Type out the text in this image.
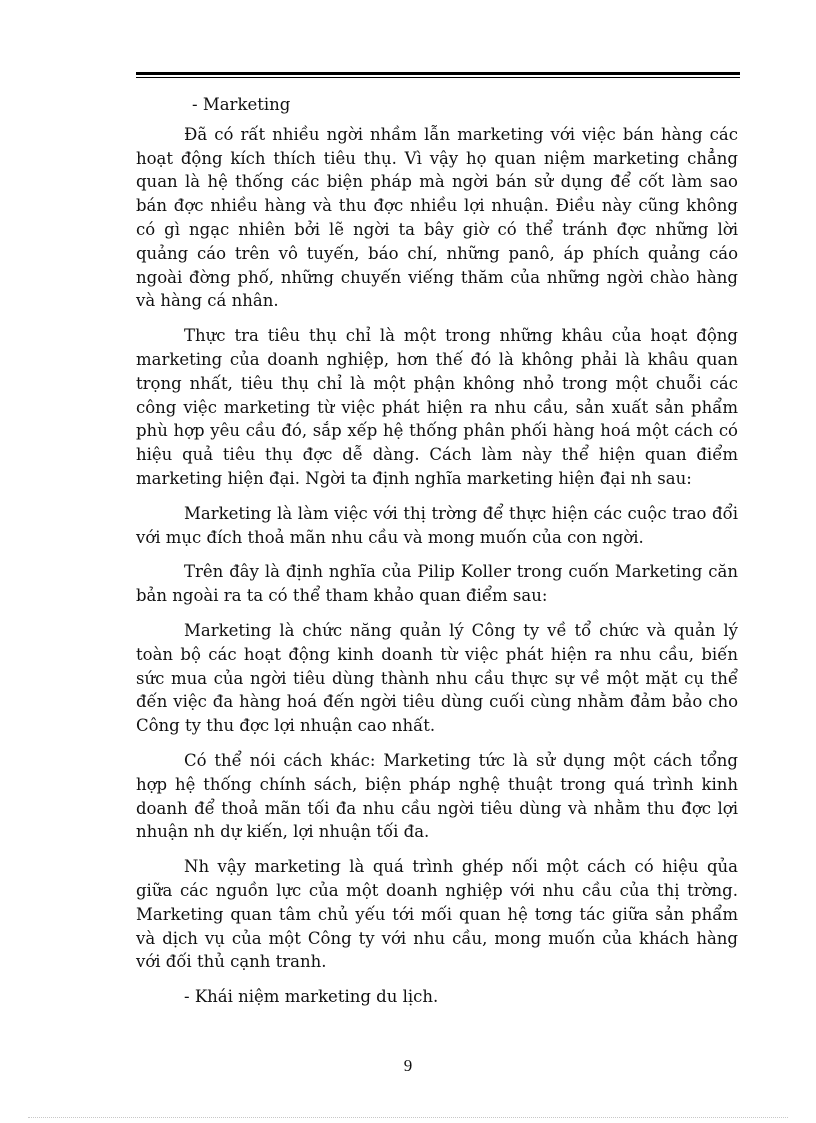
- Marketing

Đã có rất nhiều ngời nhầm lẫn marketing với việc bán hàng các hoạt động kích thích tiêu thụ. Vì vậy họ quan niệm marketing chẳng quan là hệ thống các biện pháp mà ngời bán sử dụng để cốt làm sao bán đợc nhiều hàng và thu đợc nhiều lợi nhuận. Điều này cũng không có gì ngạc nhiên bởi lẽ ngời ta bây giờ có thể tránh đợc những lời quảng cáo trên vô tuyến, báo chí, những panô, áp phích quảng cáo ngoài đờng phố, những chuyến viếng thăm của những ngời chào hàng và hàng cá nhân.

Thực tra tiêu thụ chỉ là một trong những khâu của hoạt động marketing của doanh nghiệp, hơn thế đó là không phải là khâu quan trọng nhất, tiêu thụ chỉ là một phận không nhỏ trong một chuỗi các công việc marketing từ việc phát hiện ra nhu cầu, sản xuất sản phẩm phù hợp yêu cầu đó, sắp xếp hệ thống phân phối hàng hoá một cách có hiệu quả tiêu thụ đợc dễ dàng. Cách làm này thể hiện quan điểm marketing hiện đại. Ngời ta định nghĩa marketing hiện đại nh sau:

Marketing là làm việc với thị trờng để thực hiện các cuộc trao đổi với mục đích thoả mãn nhu cầu và mong muốn của con ngời.

Trên đây là định nghĩa của Pilip Koller trong cuốn Marketing căn bản ngoài ra ta có thể tham khảo quan điểm sau:

Marketing là chức năng quản lý Công ty về tổ chức và quản lý toàn bộ các hoạt động kinh doanh từ việc phát hiện ra nhu cầu, biến sức mua của ngời tiêu dùng thành nhu cầu thực sự về một mặt cụ thể đến việc đa hàng hoá đến ngời tiêu dùng cuối cùng nhằm đảm bảo cho Công ty thu đợc lợi nhuận cao nhất.

Có thể nói cách khác: Marketing tức là sử dụng một cách tổng hợp hệ thống chính sách, biện pháp nghệ thuật trong quá trình kinh doanh để thoả mãn tối đa nhu cầu ngời tiêu dùng và nhằm thu đợc lợi nhuận nh dự kiến, lợi nhuận tối đa.

Nh vậy marketing là quá trình ghép nối một cách có hiệu qủa giữa các nguồn lực của một doanh nghiệp với nhu cầu của thị trờng. Marketing quan tâm chủ yếu tới mối quan hệ tơng tác giữa sản phẩm và dịch vụ của một Công ty với nhu cầu, mong muốn của khách hàng với đối thủ cạnh tranh.

- Khái niệm marketing du lịch.

9
